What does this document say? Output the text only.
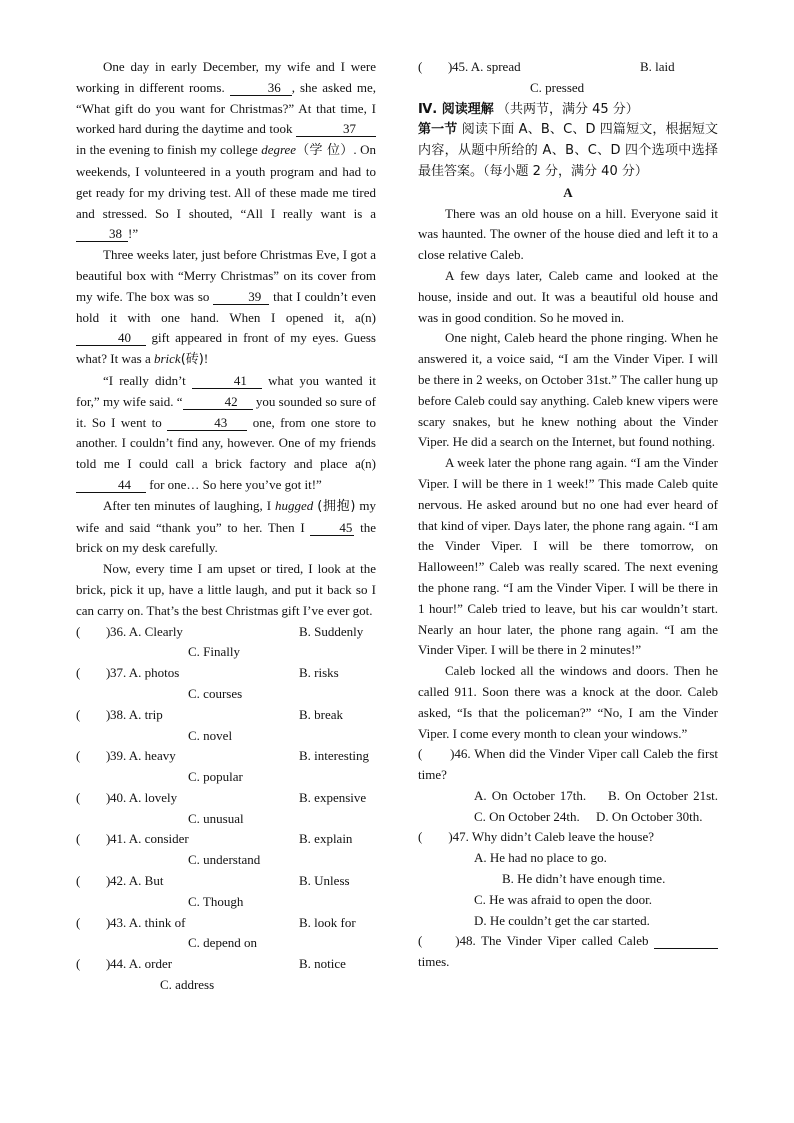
One day in early December, my wife and I were working in different rooms.	36 , she asked me, “What gift do you want for Christmas?” At that time, I worked hard during the daytime and took	37 in the evening to finish my college degree（学 位）. On weekends, I volunteered in a youth program and had to get ready for my driving test. All of these made me tired and stressed. So I shouted, “All I really want is a 38 !”

Three weeks later, just before Christmas Eve, I got a beautiful box with “Merry Christmas” on its cover from my wife. The box was so	39 that I couldn’t even hold it with one hand. When I opened it, a(n) 40 gift appeared in front of my eyes. Guess what? It was a brick(砖)!

“I really didn’t	41 what you wanted it for,” my wife said. “	42 you sounded so sure of it. So I went to	43 one, from one store to another. I couldn’t find any, however. One of my friends told me I could call a brick factory and place a(n) 44 for one… So here you’ve got it!”

After ten minutes of laughing, I hugged (拥抱) my wife and said “thank you” to her. Then I	45 the brick on my desk carefully.

Now, every time I am upset or tired, I look at the brick, pick it up, have a little laugh, and put it back so I can carry on. That’s the best Christmas gift I’ve ever got.

( ) 36. A. Clearly	B. Suddenly
C. Finally
( ) 37. A. photos	B. risks
C. courses
( ) 38. A. trip	B. break
C. novel
( ) 39. A. heavy	B. interesting
C. popular
( ) 40. A. lovely	B. expensive
C. unusual
( ) 41. A. consider	B. explain
C. understand
( ) 42. A. But	B. Unless
C. Though
( ) 43. A. think of	B. look for
C. depend on
( ) 44. A. order	B. notice
C. address
( ) 45. A. spread	B. laid
C. pressed

Ⅳ. 阅读理解 （共两节，满分 45 分）

第一节 阅读下面 A、B、C、D 四篇短文，根据短文内容，从题中所给的 A、B、C、D 四个选项中选择最佳答案。（每小题 2 分，满分 40 分）

A

There was an old house on a hill. Everyone said it was haunted. The owner of the house died and left it to a close relative Caleb.

A few days later, Caleb came and looked at the house, inside and out. It was a beautiful old house and was in good condition. So he moved in.

One night, Caleb heard the phone ringing. When he answered it, a voice said, “I am the Vinder Viper. I will be there in 2 weeks, on October 31st.” The caller hung up before Caleb could say anything. Caleb knew vipers were scary snakes, but he knew nothing about the Vinder Viper. He did a search on the Internet, but found nothing.

A week later the phone rang again. “I am the Vinder Viper. I will be there in 1 week!” This made Caleb quite nervous. He asked around but no one had ever heard of that kind of viper. Days later, the phone rang again. “I am the Vinder Viper. I will be there tomorrow, on Halloween!” Caleb was really scared. The next evening the phone rang. “I am the Vinder Viper. I will be there in 1 hour!” Caleb tried to leave, but his car wouldn’t start. Nearly an hour later, the phone rang again. “I am the Vinder Viper. I will be there in 2 minutes!”

Caleb locked all the windows and doors. Then he called 911. Soon there was a knock at the door. Caleb asked, “Is that the policeman?” “No, I am the Vinder Viper. I come every month to clean your windows.”

(　　)46. When did the Vinder Viper call Caleb the first time?

A. On October 17th.　 B. On October 21st.　 C. On October 24th.　 D. On October 30th.

(　　)47. Why didn’t Caleb leave the house?

A. He had no place to go.

B. He didn’t have enough time.

C. He was afraid to open the door.

D. He couldn’t get the car started.

(　　)48. The Vinder Viper called Caleb   times.
